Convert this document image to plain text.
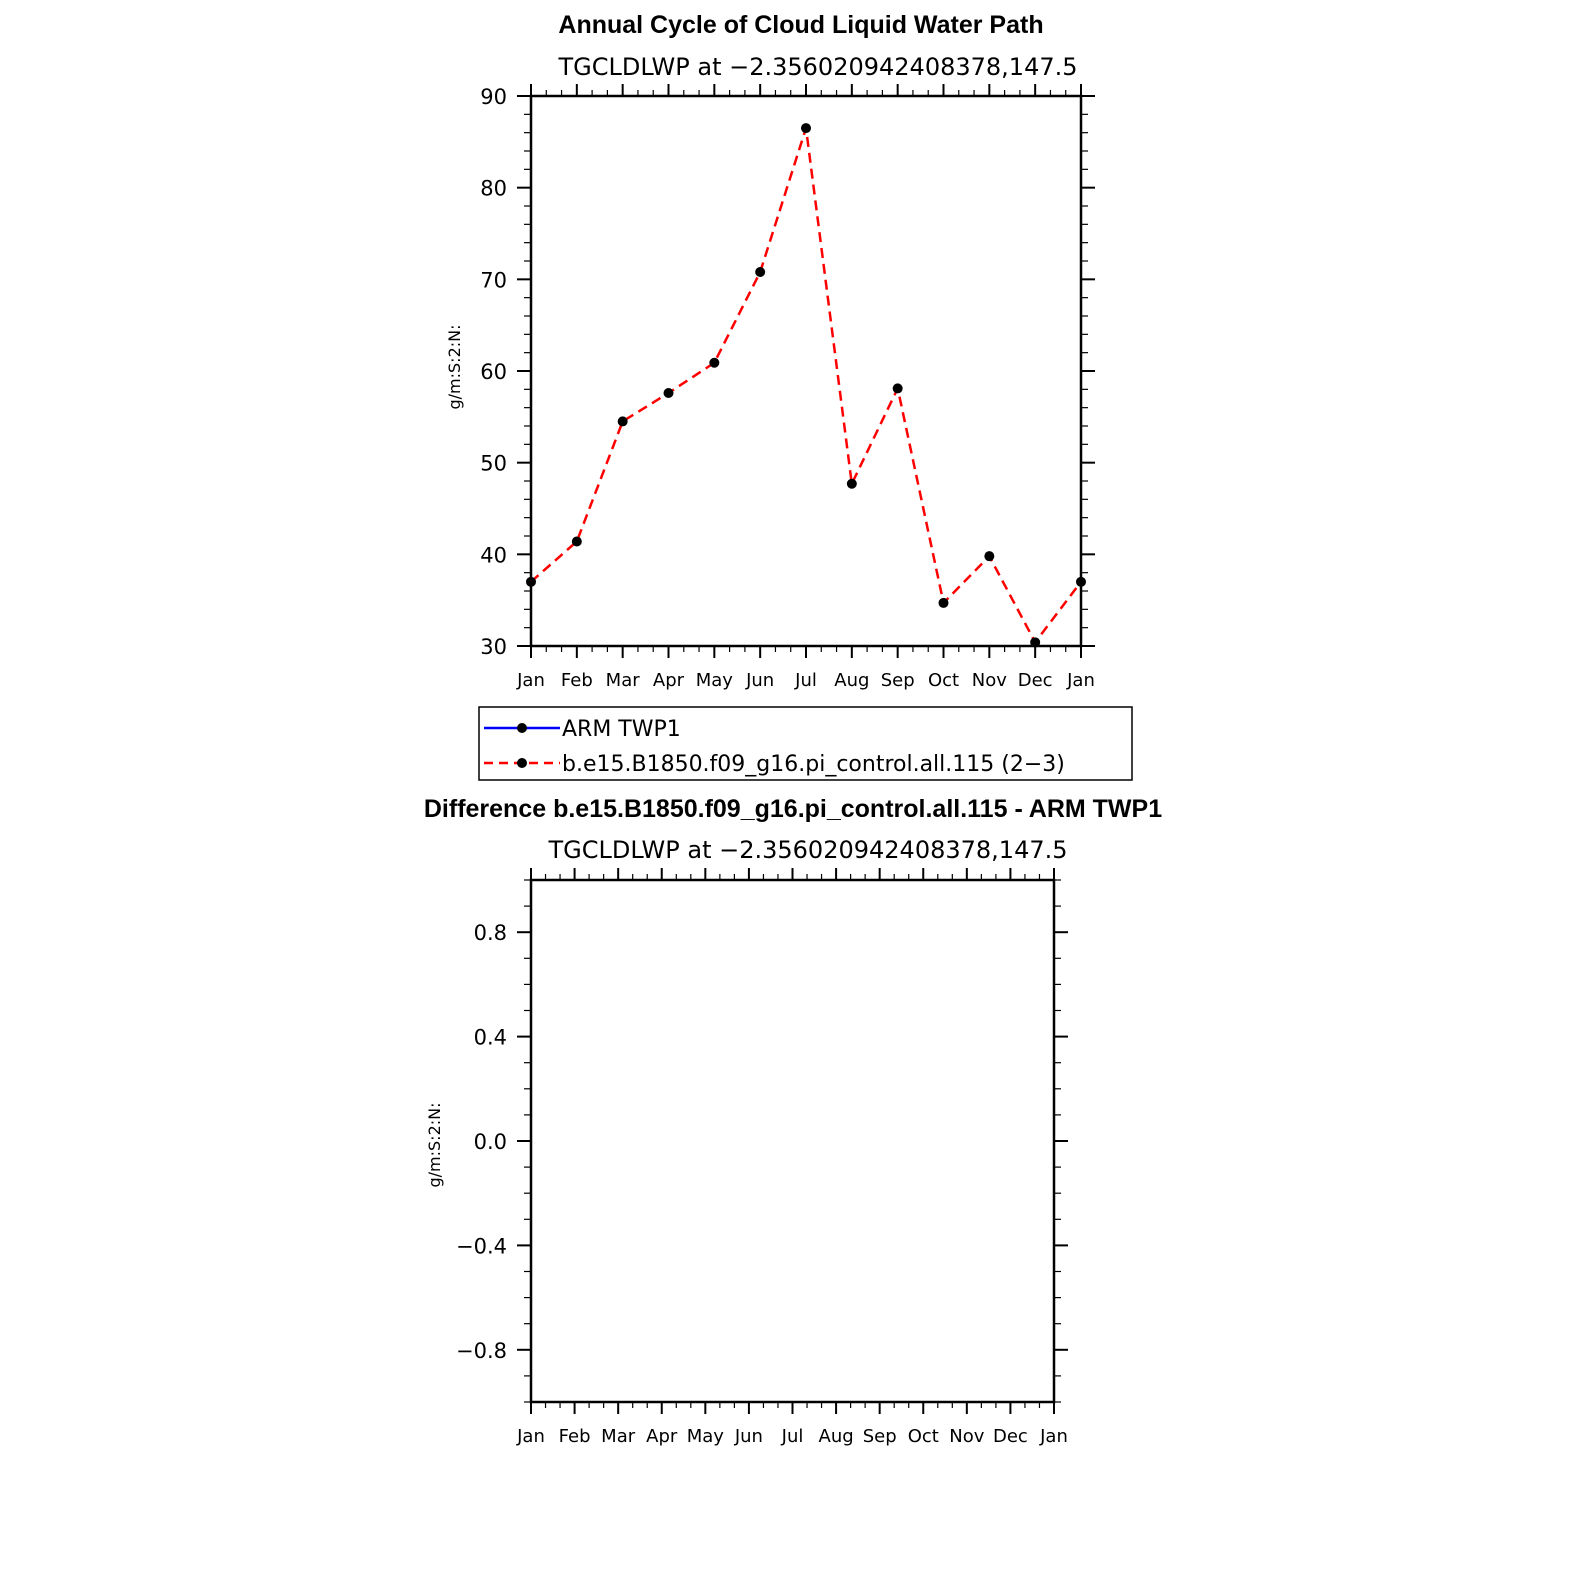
Annual Cycle of Cloud Liquid Water Path
TGCLDLWP at −2.356020942408378,147.5
g/m:S:2:N:
Jan Feb Mar Apr May Jun Jul Aug Sep Oct Nov Dec Jan
30
40
50
60
70
80
90
ARM TWP1
b.e15.B1850.f09_g16.pi_control.all.115 (2−3)
Difference b.e15.B1850.f09_g16.pi_control.all.115 - ARM TWP1
TGCLDLWP at −2.356020942408378,147.5
g/m:S:2:N:
Jan Feb Mar Apr May Jun Jul Aug Sep Oct Nov Dec Jan
−0.8
−0.4
0.0
0.4
0.8
